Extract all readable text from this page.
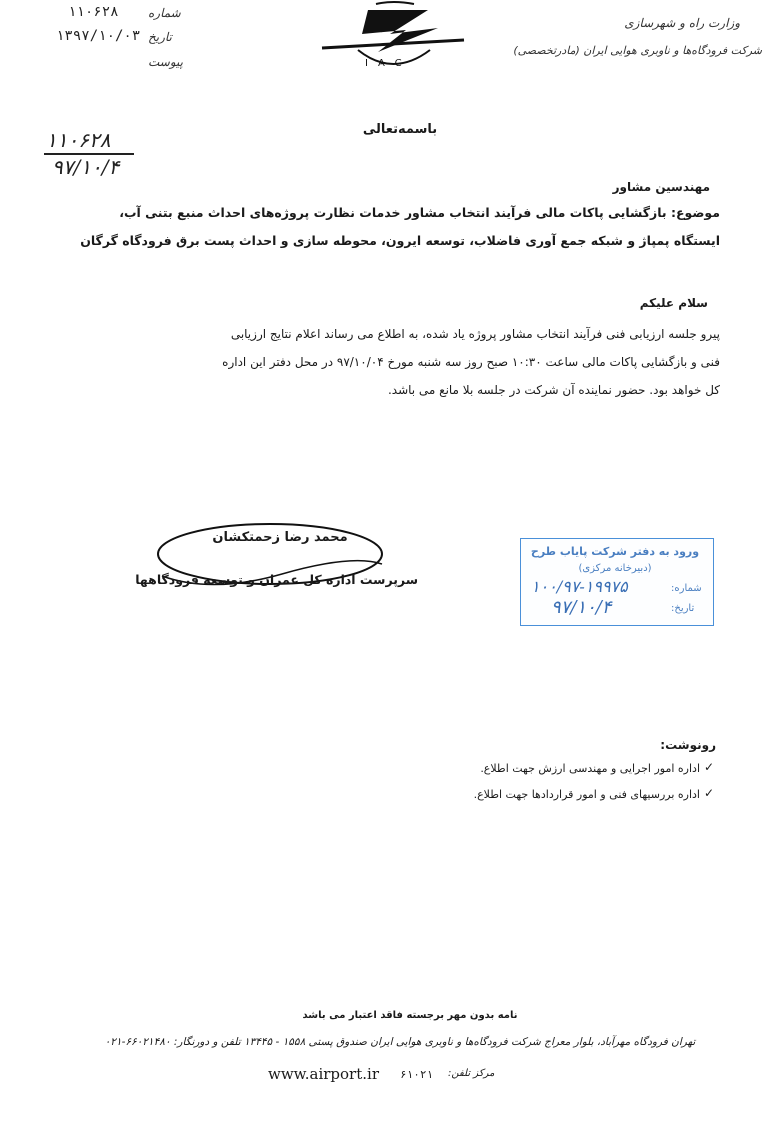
۱۱۰۶۲۸ شماره
۱۳۹۷/۱۰/۰۳ تاریخ
پیوست	IAC
وزارت راه و شهرسازی
شرکت فرودگاه‌ها و ناوبری هوایی ایران (مادرتخصصی)
باسمه‌تعالی
۱۱۰۶۲۸
۹۷/۱۰/۴
مهندسین مشاور
موضوع: بازگشایی پاکات مالی فرآیند انتخاب مشاور خدمات نظارت پروژه‌های احداث منبع بتنی آب،
ایستگاه پمپاژ و شبکه جمع آوری فاضلاب، توسعه ایرون، محوطه سازی و احداث پست برق فرودگاه گرگان
سلام علیکم
پیرو جلسه ارزیابی فنی فرآیند انتخاب مشاور پروژه یاد شده، به اطلاع می رساند اعلام نتایج ارزیابی
فنی و بازگشایی پاکات مالی ساعت ۱۰:۳۰ صبح روز سه شنبه مورخ ۹۷/۱۰/۰۴ در محل دفتر این اداره
کل خواهد بود. حضور نماینده آن شرکت در جلسه بلا مانع می باشد.
محمد رضا زحمتکشان
سرپرست اداره کل عمران و توسعه فرودگاهها
ورود به دفتر شرکت پایاب طرح
(دبیرخانه مرکزی)
شماره:
۱۰۰/۹۷-۱۹۹۷۵
تاریخ:
۹۷/۱۰/۴
رونوشت:
اداره امور اجرایی و مهندسی ارزش جهت اطلاع. ✓
اداره بررسیهای فنی و امور قراردادها جهت اطلاع. ✓
نامه بدون مهر برجسته فاقد اعتبار می باشد
تهران فرودگاه مهرآباد، بلوار معراج شرکت فرودگاه‌ها و ناوبری هوایی ایران صندوق پستی ۱۵۵۸ - ۱۳۴۴۵ تلفن و دورنگار: ۶۶۰۲۱۴۸۰-۰۲۱
www.airport.ir ۶۱۰۲۱ مرکز تلفن:
